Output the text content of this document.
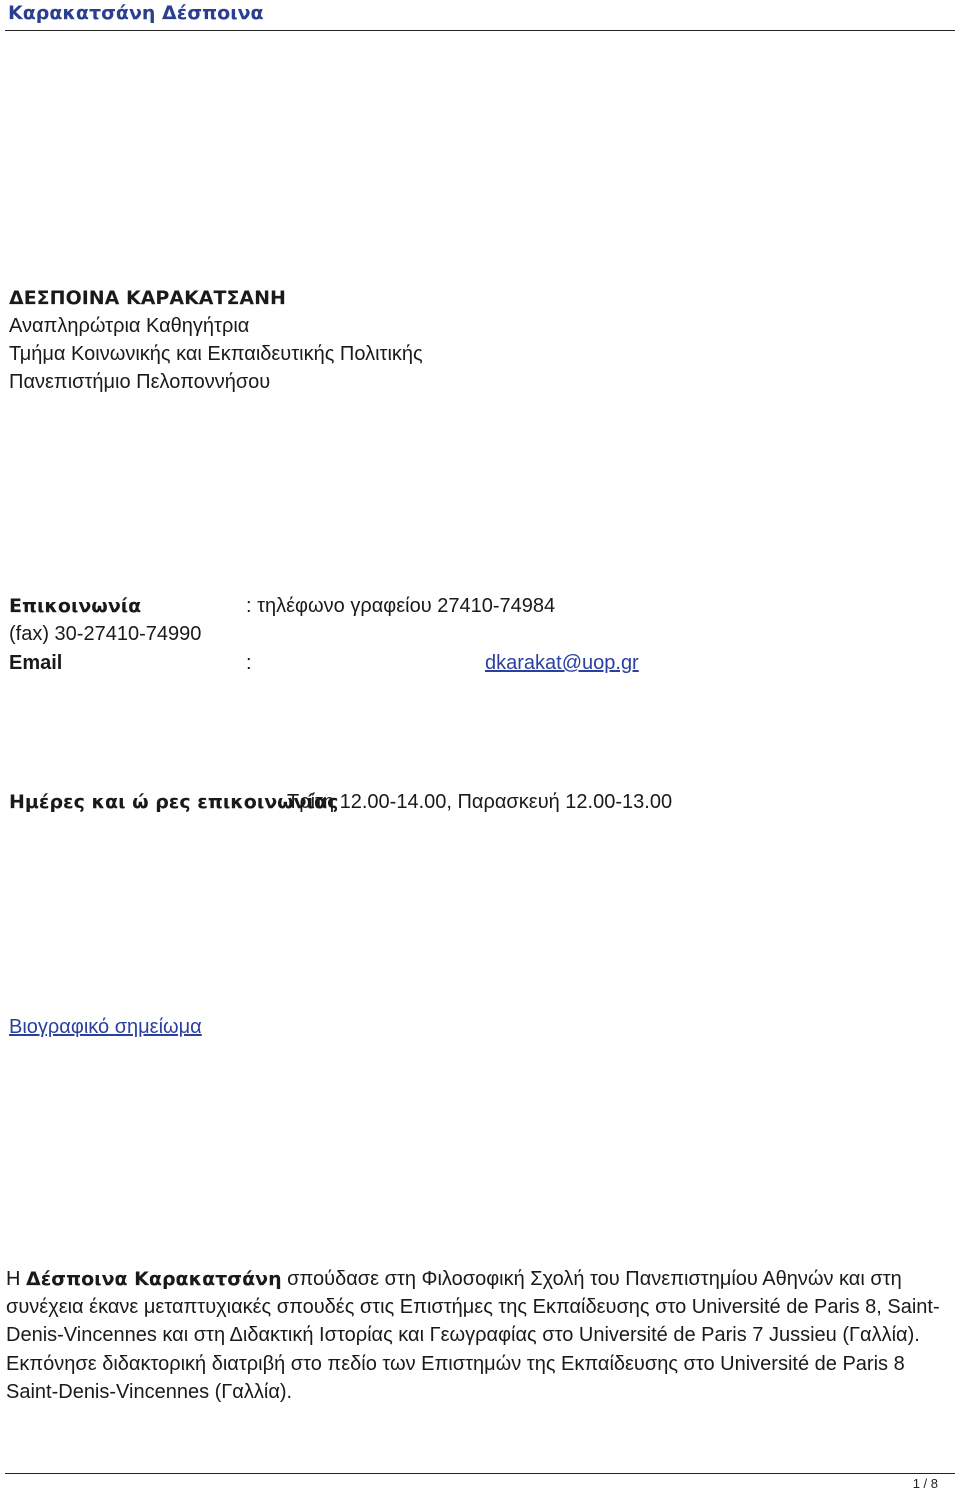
Καρακατσάνη Δέσποινα
ΔΕΣΠΟΙΝΑ ΚΑΡΑΚΑΤΣΑΝΗ
Αναπληρώτρια Καθηγήτρια
Τμήμα Κοινωνικής και Εκπαιδευτικής Πολιτικής
Πανεπιστήμιο Πελοποννήσου
Επικοινωνία	: τηλέφωνο γραφείου 27410-74984
(fax) 30-27410-74990
Email	:	dkarakat@uop.gr
Ημέρες και ώ ρες επικοινωνίας
Τρίτη 12.00-14.00, Παρασκευή 12.00-13.00
Βιογραφικό σημείωμα

Η Δέσποινα Καρακατσάνη σπούδασε στη Φιλοσοφική Σχολή του Πανεπιστημίου Αθηνών και στη συνέχεια έκανε μεταπτυχιακές σπουδές στις Επιστήμες της Εκπαίδευσης στο Université de Paris 8, Saint-Denis-Vincennes και στη Διδακτική Ιστορίας και Γεωγραφίας στο Université de Paris 7 Jussieu (Γαλλία). Εκπόνησε διδακτορική διατριβή στο πεδίο των Επιστημών της Εκπαίδευσης στο Université de Paris 8 Saint-Denis-Vincennes (Γαλλία).

1 / 8
